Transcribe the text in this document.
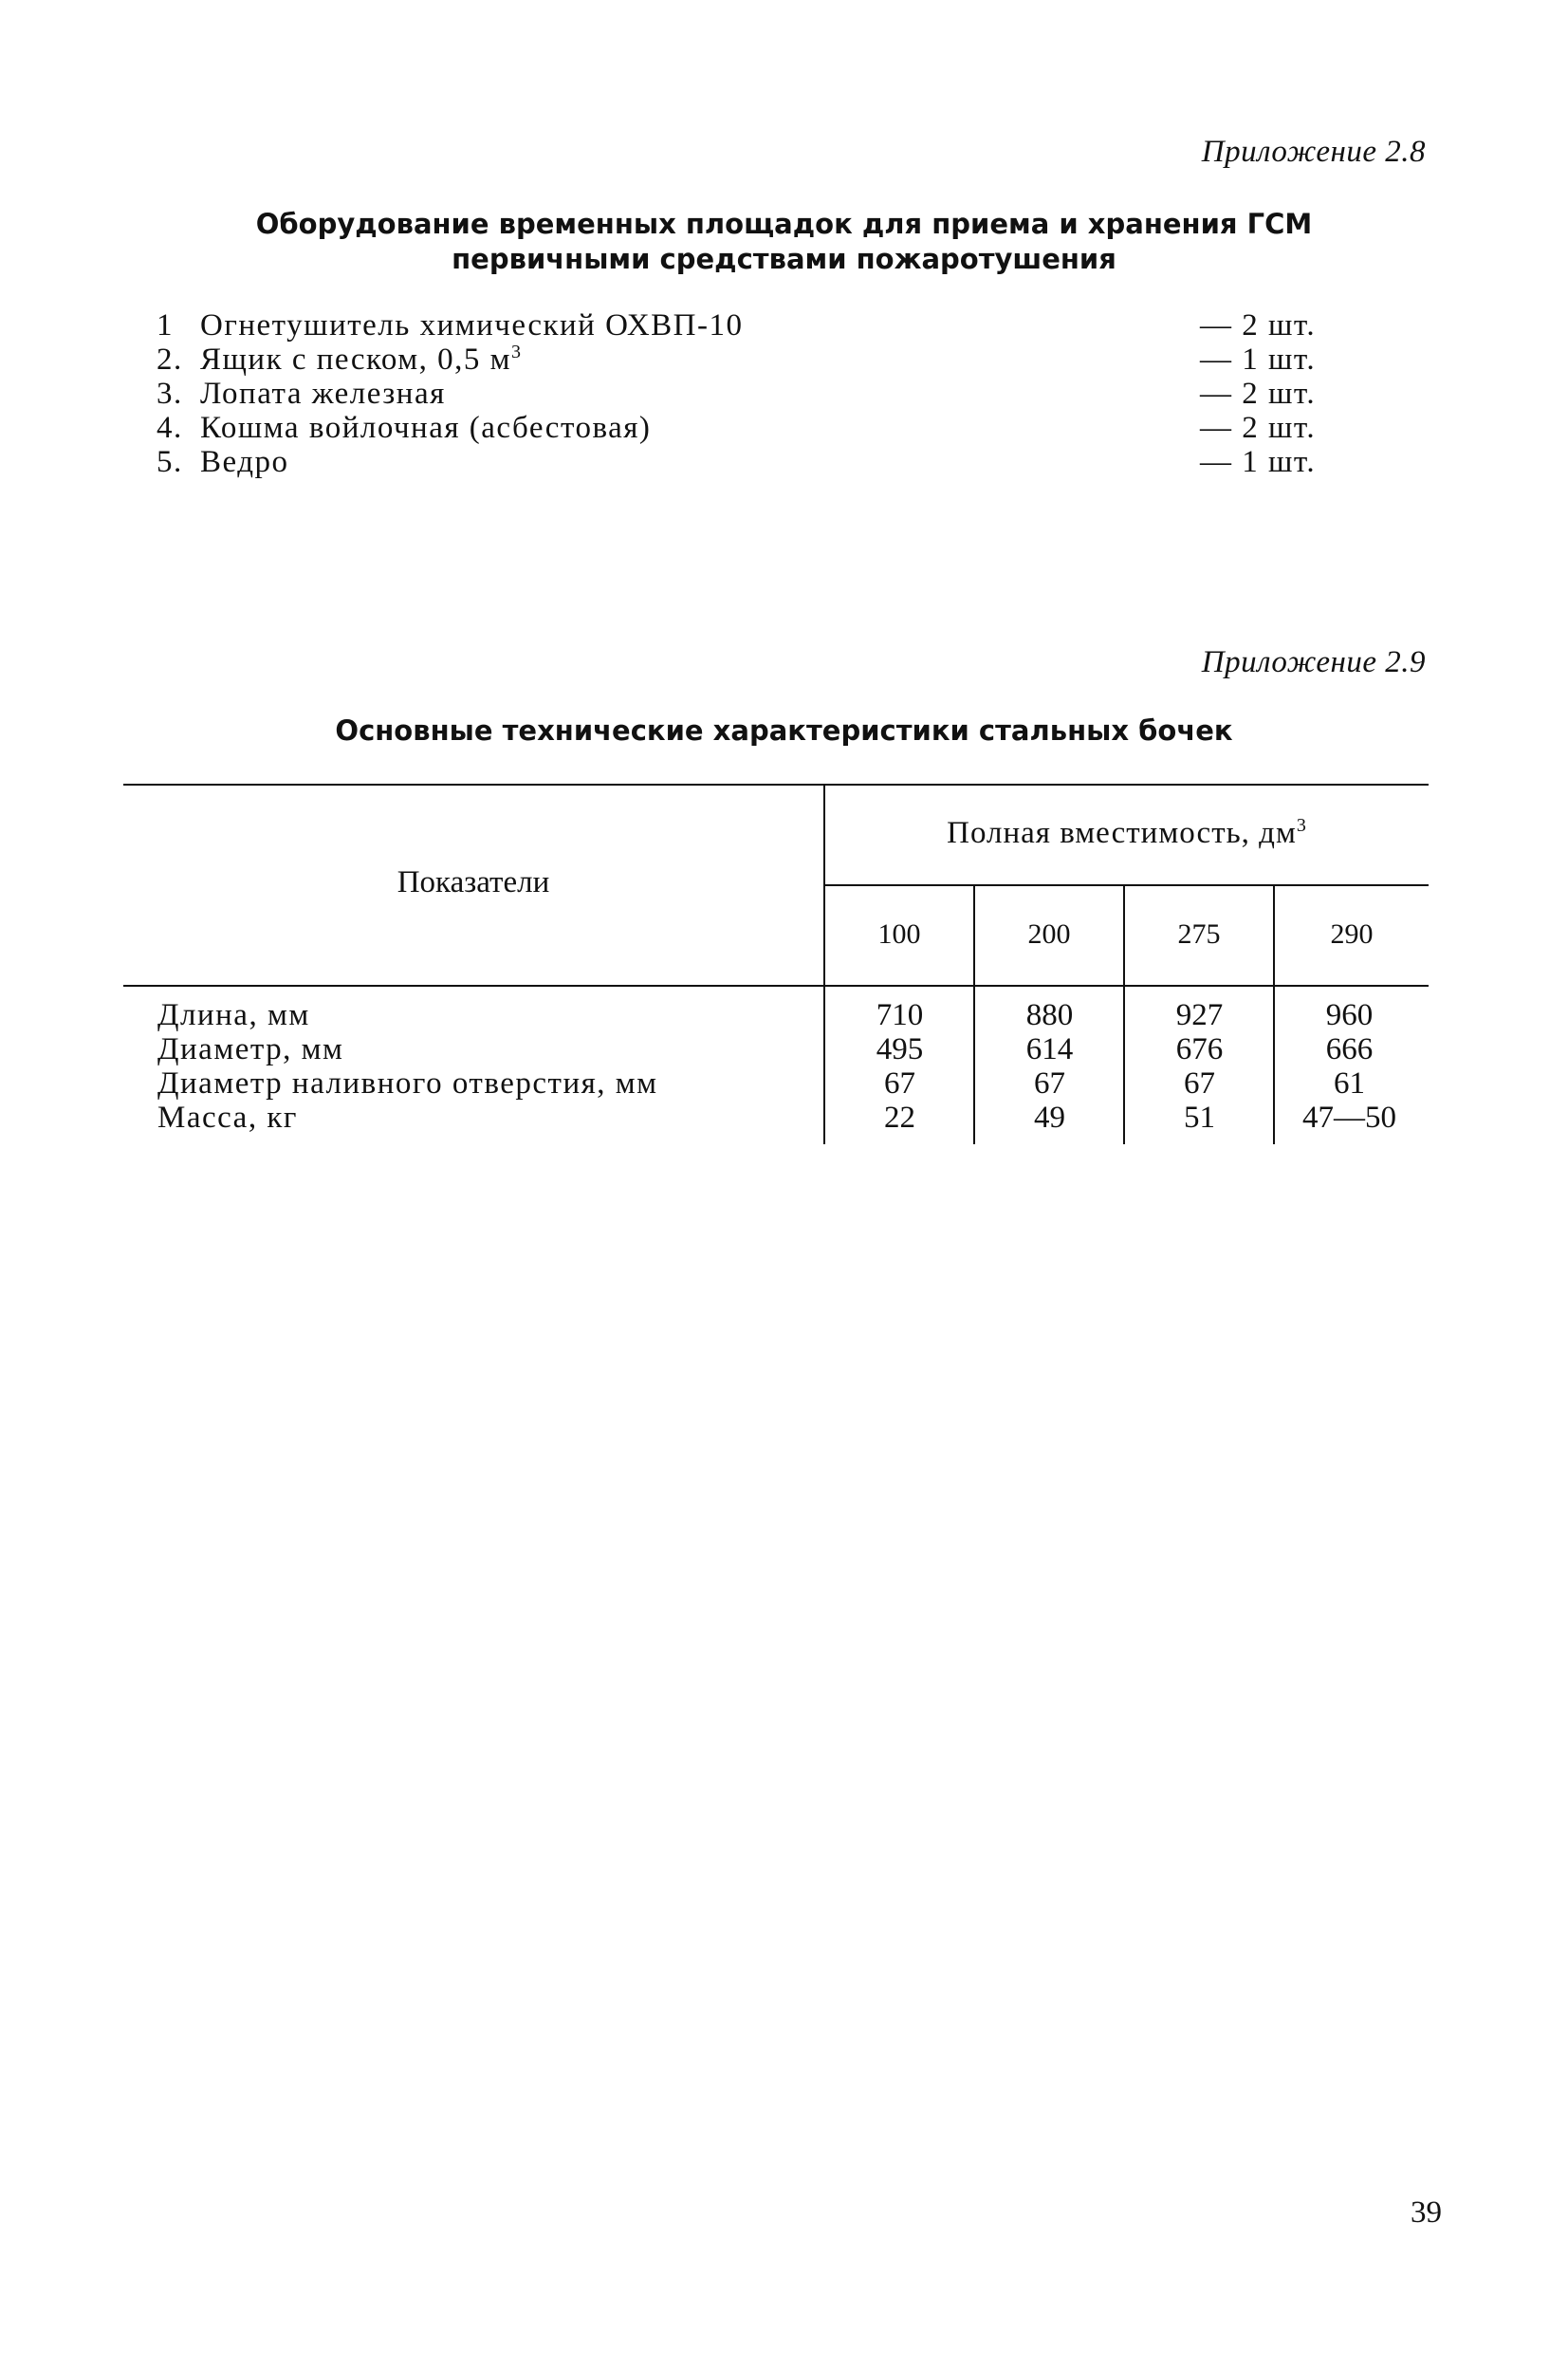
Приложение 2.8
Оборудование временных площадок для приема и хранения ГСМ
первичными средствами пожаротушения
1 Огнетушитель химический ОХВП-10	— 2 шт.
2. Ящик с песком, 0,5 $м^3$	— 1 шт.
3. Лопата железная	— 2 шт.
4. Кошма войлочная (асбестовая)	— 2 шт.
5. Ведро	— 1 шт.
Приложение 2.9
Основные технические характеристики стальных бочек
Показатели
Полная вместимость, $дм^3$
100	200	275	290
Длина, мм	710	880	927	960
Диаметр, мм	495	614	676	666
Диаметр наливного отверстия, мм	67	67	67	61
Масса, кг	22	49	51	47—50
39
